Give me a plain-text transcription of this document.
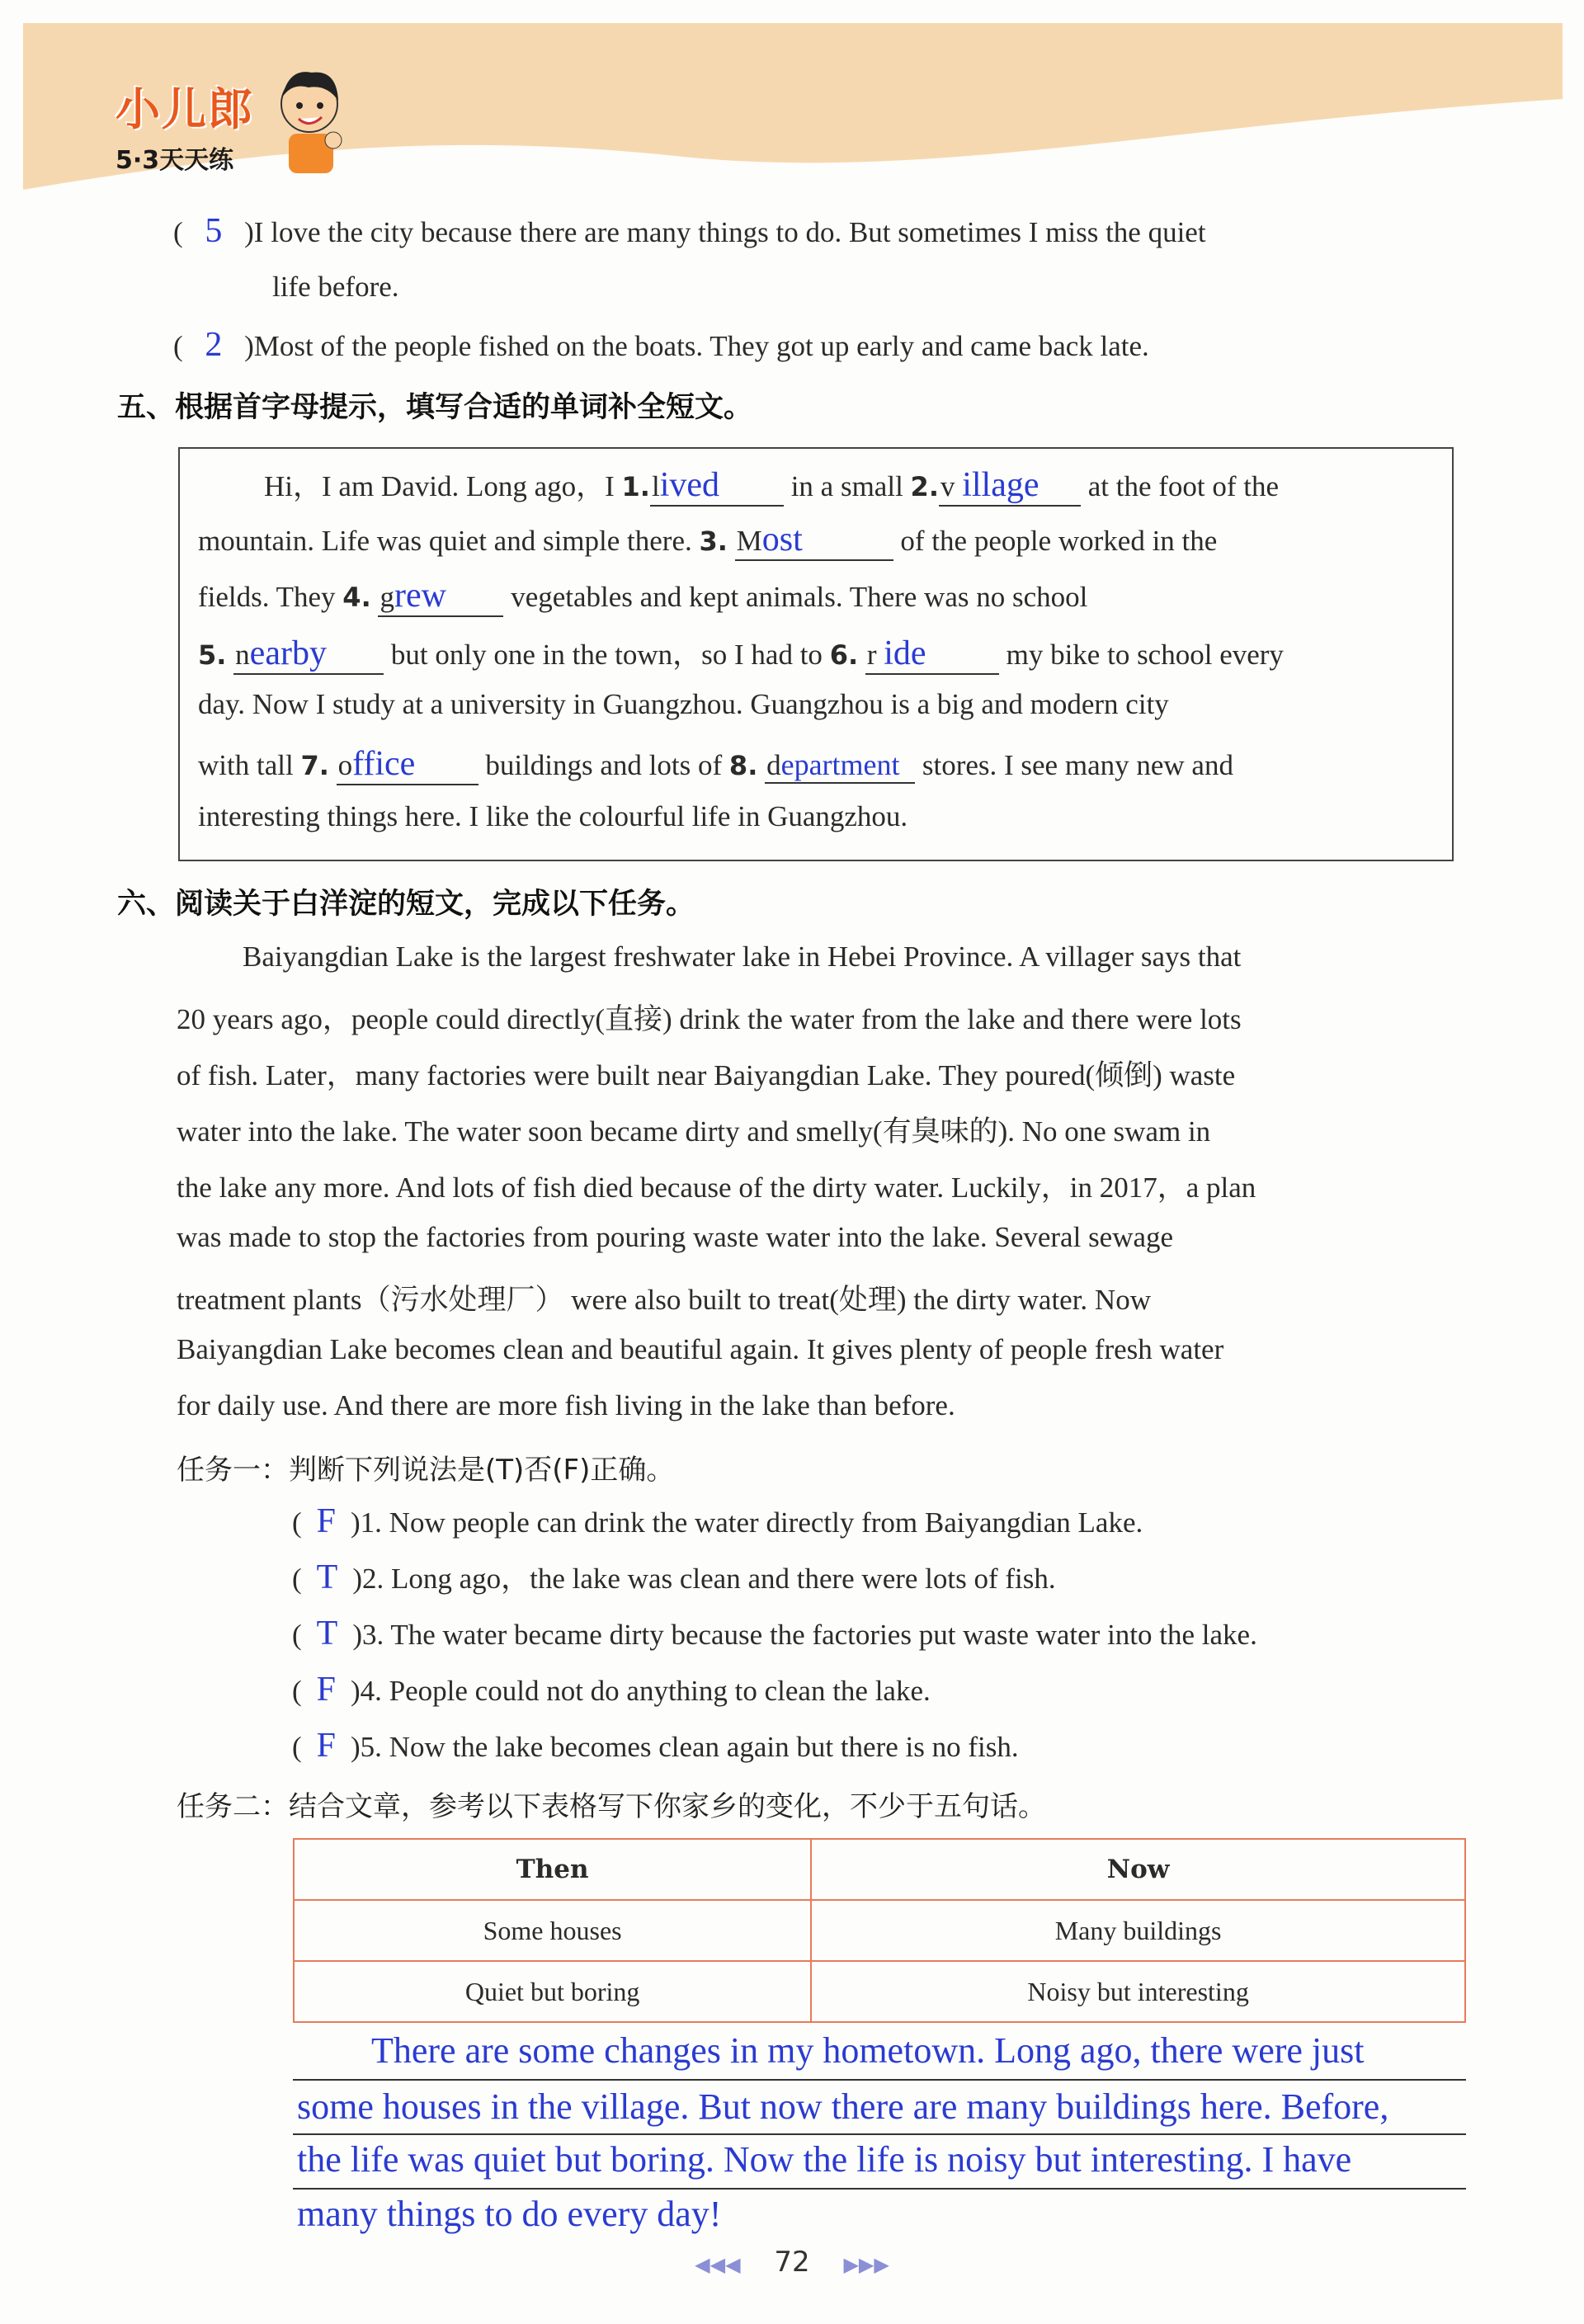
小儿郎
5·3天天练
( 5 )I love the city because there are many things to do. But sometimes I miss the quiet
life before.
( 2 )Most of the people fished on the boats. They got up early and came back late.
五、根据首字母提示，填写合适的单词补全短文。
Hi，I am David. Long ago，I 1.lived in a small 2.v illage at the foot of the
mountain. Life was quiet and simple there. 3. Most	of the people worked in the
fields. They 4. grew vegetables and kept animals. There was no school
5. nearby but only one in the town，so I had to 6. r ide	my bike to school every
day. Now I study at a university in Guangzhou. Guangzhou is a big and modern city
with tall 7. office buildings and lots of 8. department stores. I see many new and
interesting things here. I like the colourful life in Guangzhou.
六、阅读关于白洋淀的短文，完成以下任务。
Baiyangdian Lake is the largest freshwater lake in Hebei Province. A villager says that
20 years ago，people could directly(直接) drink the water from the lake and there were lots
of fish. Later，many factories were built near Baiyangdian Lake. They poured(倾倒) waste
water into the lake. The water soon became dirty and smelly(有臭味的). No one swam in
the lake any more. And lots of fish died because of the dirty water. Luckily，in 2017，a plan
was made to stop the factories from pouring waste water into the lake. Several sewage
treatment plants（污水处理厂） were also built to treat(处理) the dirty water. Now
Baiyangdian Lake becomes clean and beautiful again. It gives plenty of people fresh water
for daily use. And there are more fish living in the lake than before.
任务一：判断下列说法是(T)否(F)正确。
( F )1. Now people can drink the water directly from Baiyangdian Lake.
( T )2. Long ago，the lake was clean and there were lots of fish.
( T )3. The water became dirty because the factories put waste water into the lake.
( F )4. People could not do anything to clean the lake.
( F )5. Now the lake becomes clean again but there is no fish.
任务二：结合文章，参考以下表格写下你家乡的变化，不少于五句话。
Then	Now
Some houses	Many buildings
Quiet but boring	Noisy but interesting
There are some changes in my hometown. Long ago, there were just
some houses in the village. But now there are many buildings here. Before,
the life was quiet but boring. Now the life is noisy but interesting. I have
many things to do every day!
◀◀◀ 72 ▶▶▶
